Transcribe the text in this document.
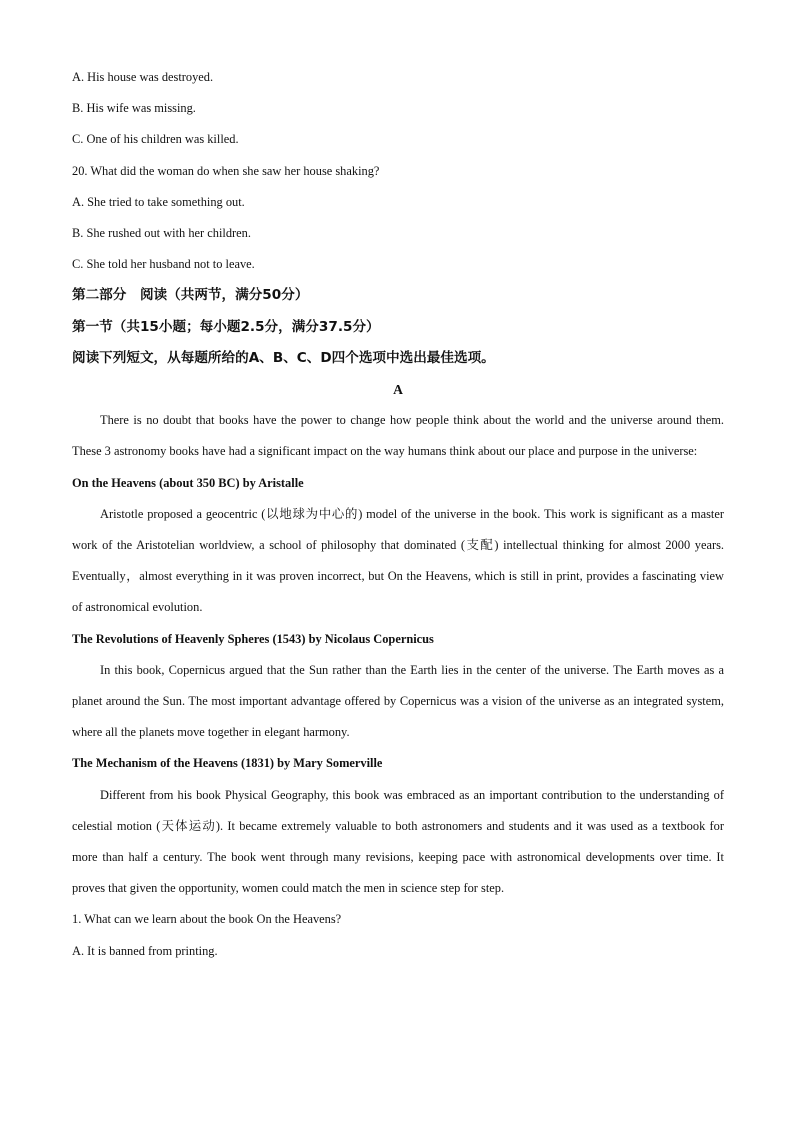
A. His house was destroyed.

B. His wife was missing.

C. One of his children was killed.

20. What did the woman do when she saw her house shaking?

A. She tried to take something out.

B. She rushed out with her children.

C. She told her husband not to leave.

第二部分　阅读（共两节，满分50分）

第一节（共15小题；每小题2.5分，满分37.5分）

阅读下列短文，从每题所给的A、B、C、D四个选项中选出最佳选项。

A

There is no doubt that books have the power to change how people think about the world and the universe around them. These 3 astronomy books have had a significant impact on the way humans think about our place and purpose in the universe:

On the Heavens (about 350 BC) by Aristalle

Aristotle proposed a geocentric (以地球为中心的) model of the universe in the book. This work is significant as a master work of the Aristotelian worldview, a school of philosophy that dominated (支配) intellectual thinking for almost 2000 years. Eventually，almost everything in it was proven incorrect, but On the Heavens, which is still in print, provides a fascinating view of astronomical evolution.

The Revolutions of Heavenly Spheres (1543) by Nicolaus Copernicus

In this book, Copernicus argued that the Sun rather than the Earth lies in the center of the universe. The Earth moves as a planet around the Sun. The most important advantage offered by Copernicus was a vision of the universe as an integrated system, where all the planets move together in elegant harmony.

The Mechanism of the Heavens (1831) by Mary Somerville

Different from his book Physical Geography, this book was embraced as an important contribution to the understanding of celestial motion (天体运动). It became extremely valuable to both astronomers and students and it was used as a textbook for more than half a century. The book went through many revisions, keeping pace with astronomical developments over time. It proves that given the opportunity, women could match the men in science step for step.

1. What can we learn about the book On the Heavens?

A. It is banned from printing.
